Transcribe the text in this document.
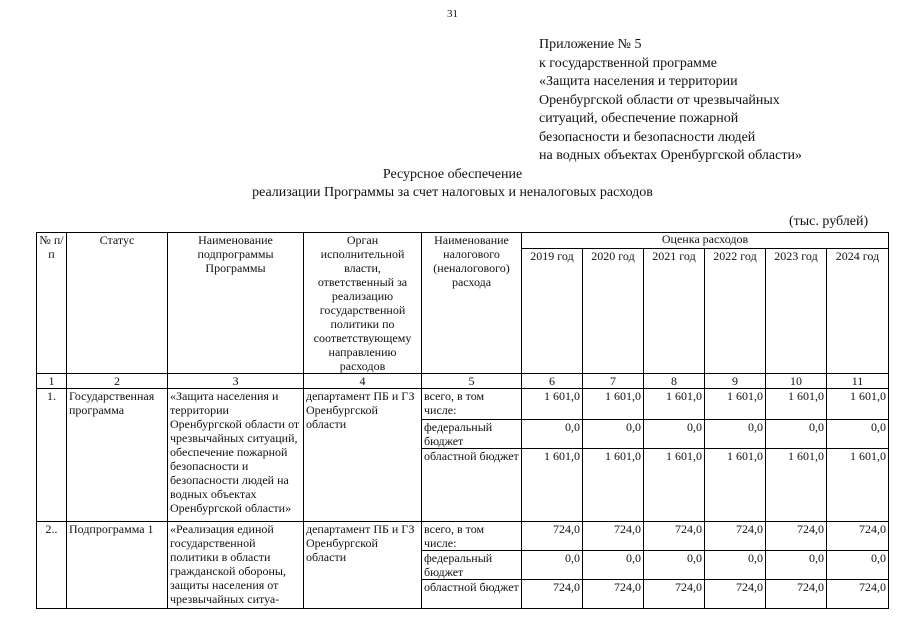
31
Приложение № 5
к государственной программе
«Защита населения и территории
Оренбургской области от чрезвычайных
ситуаций, обеспечение пожарной
безопасности и безопасности людей
на водных объектах Оренбургской области»
Ресурсное обеспечение
реализации Программы за счет налоговых и неналоговых расходов
(тыс. рублей)
№ п/п	Статус	Наименование подпрограммы Программы	Орган исполнительной власти, ответственный за реализацию государственной политики по соответствующему направлению расходов	Наименование налогового (неналогового) расхода	Оценка расходов					
					2019 год	2020 год	2021 год	2022 год	2023 год	2024 год
1	2	3	4	5	6	7	8	9	10	11
1.	Государственная программа	«Защита населения и территории Оренбургской области от чрезвычайных ситуаций, обеспечение пожарной безопасности и безопасности людей на водных объектах Оренбургской области»	департамент ПБ и ГЗ Оренбургской области	всего, в том числе:	1 601,0	1 601,0	1 601,0	1 601,0	1 601,0	1 601,0
				федеральный бюджет	0,0	0,0	0,0	0,0	0,0	0,0
				областной бюджет	1 601,0	1 601,0	1 601,0	1 601,0	1 601,0	1 601,0
2..	Подпрограмма 1	«Реализация единой государственной политики в области гражданской обороны, защиты населения от чрезвычайных ситуа-	департамент ПБ и ГЗ Оренбургской области	всего, в том числе:	724,0	724,0	724,0	724,0	724,0	724,0
				федеральный бюджет	0,0	0,0	0,0	0,0	0,0	0,0
				областной бюджет	724,0	724,0	724,0	724,0	724,0	724,0
